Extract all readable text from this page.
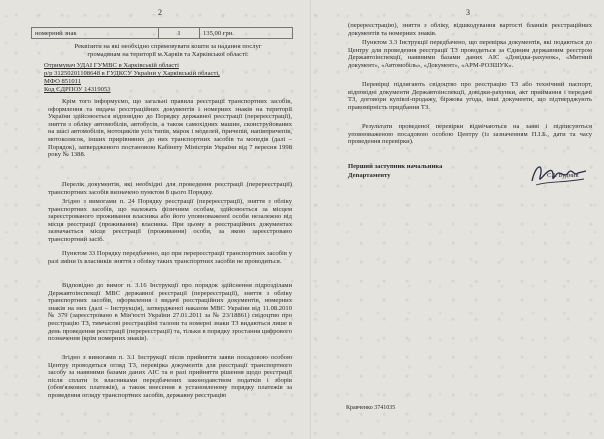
2
номерний знак	1	135,00 грн.
Реквізити на які необхідно спрямовувати кошти за надання послуг
громадянам на території м.Харків та Харківської області:
Отримувач УДАІ ГУМВС в Харківській області
р/р 31250201108648 в ГУДКСУ України у Харківській області,
МФО 851011
Код ЄДРПОУ 14319053
Крім того інформуємо, що загальні правила реєстрації транспортних засобів, оформлення та видача реєстраційних документів і номерних знаків на території України здійснюється відповідно до Порядку державної реєстрації (перереєстрації), зняття з обліку автомобілів, автобусів, а також самохідних машин, сконструйованих на шасі автомобілів, мотоциклів усіх типів, марок і моделей, причепів, напівпричепів, мотоколясок, інших прирівняних до них транспортних засобів та мопедів (далі – Порядок), затвердженого постановою Кабінету Міністрів України від 7 вересня 1998 року № 1388.
Перелік документів, які необхідні для проведення реєстрації (перереєстрації) транспортних засобів визначено пунктом 8 цього Порядку.
Згідно з вимогами п. 24 Порядку реєстрації (перереєстрації), зняття з обліку транспортних засобів, що належать фізичним особам, здійснюється за місцем зареєстрованого проживання власника або його уповноваженої особи незалежно від місця реєстрації (проживання) власника. При цьому в реєстраційних документах зазначається місце реєстрації (проживання) особи, за якою зареєстровано транспортний засіб.
Пунктом 33 Порядку передбачено, що при перереєстрації транспортних засобів у разі зміни їх власників зняття з обліку таких транспортних засобів не проводиться.
Відповідно до вимог п. 3.16 Інструкції про порядок здійснення підрозділами Державтоінспекції МВС державної реєстрації (перереєстрації), зняття з обліку транспортних засобів, оформлення і видачі реєстраційних документів, номерних знаків на них (далі – Інструкція), затвердженої наказом МВС України від 11.08.2010 № 379 (зареєстровано в Мін'юсті України 27.01.2011 за № 23/18861) свідоцтво про реєстрацію ТЗ, тимчасові реєстраційні талони та номерні знаки ТЗ видаються лише в день проведення реєстрації (перереєстрації) та, тільки в порядку зростання цифрового позначення (крім номерних знаків).
Згідно з вимогами п. 3.1 Інструкції після прийняття заяви посадовою особою Центру проводяться огляд ТЗ, перевірка документів для реєстрації транспортного засобу за наявними базами даних АІС та в разі прийняття рішення щодо реєстрації після сплати їх власниками передбачених законодавством податків і зборів (обов'язкових платежів), а також внесення в установленому порядку платежів за проведення огляду транспортних засобів, державну реєстрацію
3
(перереєстрацію), зняття з обліку, відшкодування вартості бланків реєстраційних документів та номерних знаків.
Пунктом 3.3 Інструкції передбачено, що перевірка документів, які подаються до Центру для проведення реєстрації ТЗ проводиться за Єдиним державним реєстром Державтоінспекції, наявними базами даних АІС «Довідка-рахунок», «Митний документ», «Автомобіль», «Документ», «АРМ-РОЗШУК».
Перевірці підлягають свідоцтво про реєстрацію ТЗ або технічний паспорт, відповідні документи Державтоінспекції, довідки-рахунки, акт приймання і передачі ТЗ, договори купівлі-продажу, біржова угода, інші документи, що підтверджують правомірність придбання ТЗ.
Результати проведеної перевірки відмічаються на заяві і підписуються уповноваженою посадовою особою Центру (із зазначенням П.І.Б., дати та часу проведення перевірки).
Перший заступник начальника
Департаменту	С.І. Будник
Кравченко 3741035
